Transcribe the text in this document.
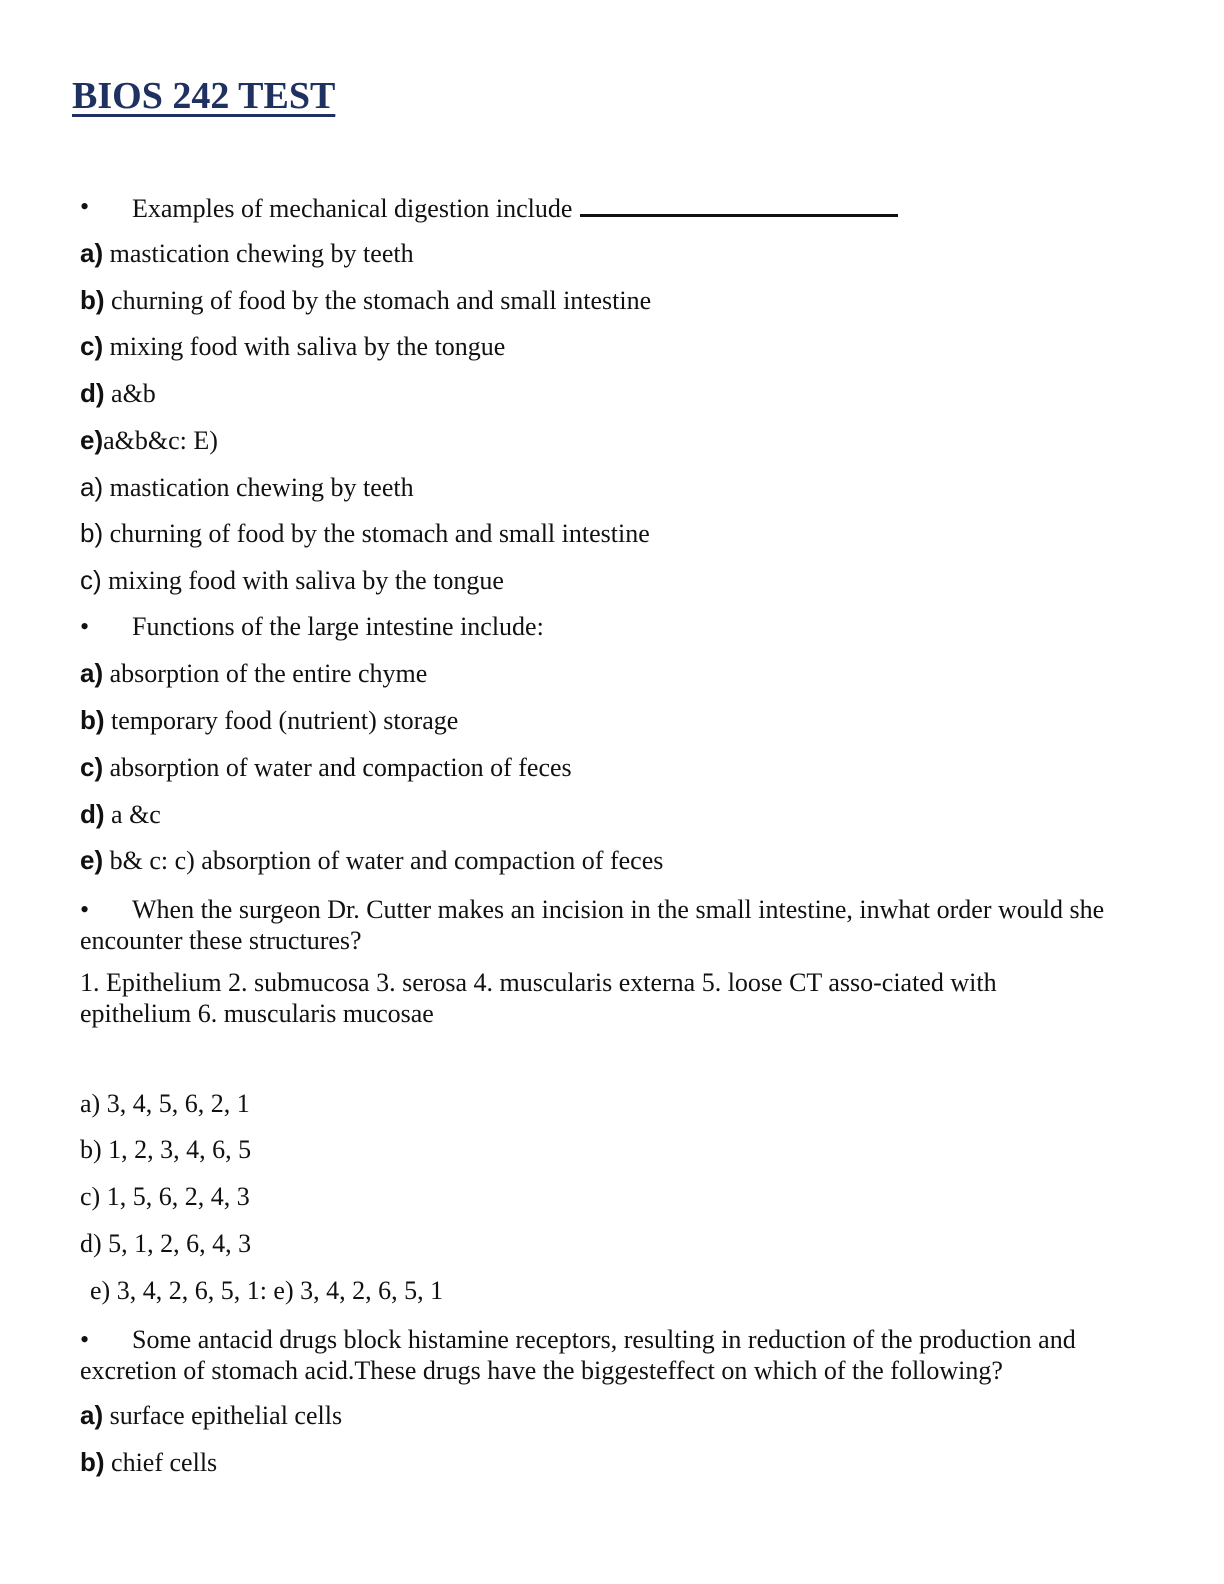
BIOS 242 TEST
• Examples of mechanical digestion include
a) mastication chewing by teeth
b) churning of food by the stomach and small intestine
c) mixing food with saliva by the tongue
d) a&b
e)a&b&c: E)
a) mastication chewing by teeth
b) churning of food by the stomach and small intestine
c) mixing food with saliva by the tongue
• Functions of the large intestine include:
a) absorption of the entire chyme
b) temporary food (nutrient) storage
c) absorption of water and compaction of feces
d) a &c
e) b& c: c) absorption of water and compaction of feces
• When the surgeon Dr. Cutter makes an incision in the small intestine, inwhat order would she encounter these structures?
1. Epithelium 2. submucosa 3. serosa 4. muscularis externa 5. loose CT asso-ciated with epithelium 6. muscularis mucosae
a) 3, 4, 5, 6, 2, 1
b) 1, 2, 3, 4, 6, 5
c) 1, 5, 6, 2, 4, 3
d) 5, 1, 2, 6, 4, 3
e) 3, 4, 2, 6, 5, 1: e) 3, 4, 2, 6, 5, 1
• Some antacid drugs block histamine receptors, resulting in reduction of the production and excretion of stomach acid.These drugs have the biggesteffect on which of the following?
a) surface epithelial cells
b) chief cells
